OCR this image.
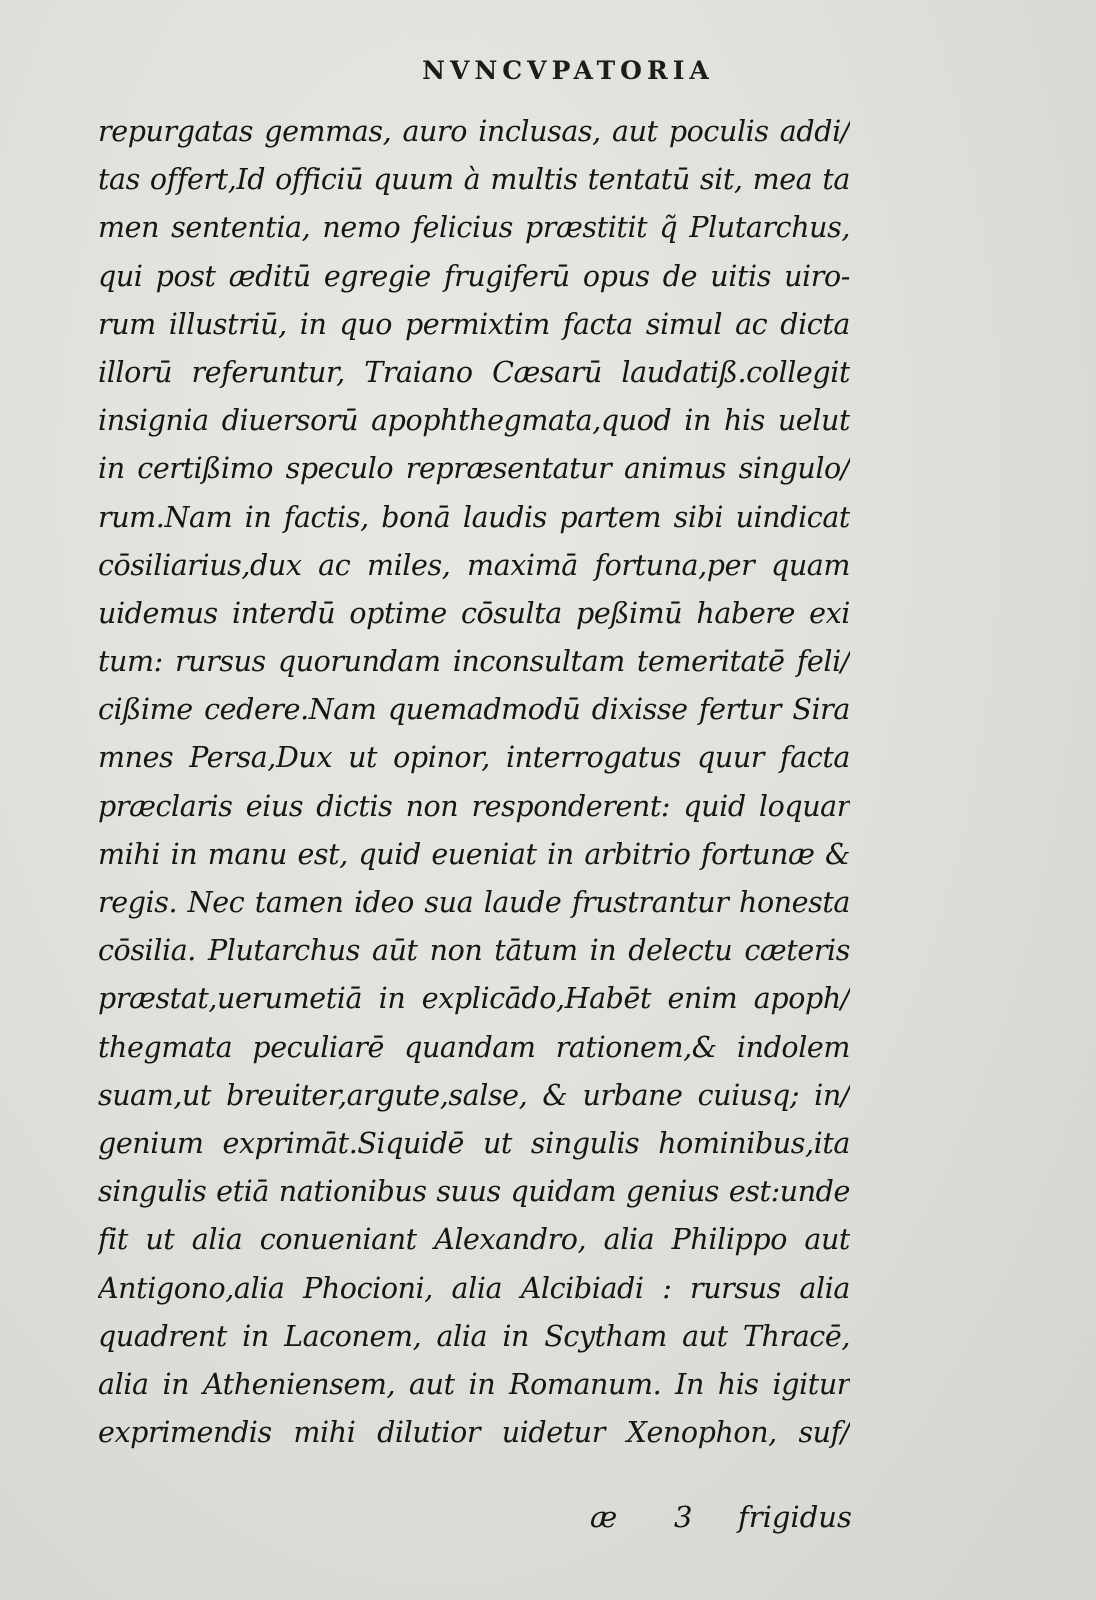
NVNCVPATORIA
repurgatas gemmas, auro inclusas, aut poculis addi/
tas offert,Id officiū quum à multis tentatū sit, mea ta
men sententia, nemo felicius præstitit q̃ Plutarchus,
qui post æditū egregie frugiferū opus de uitis uiro-
rum illustriū, in quo permixtim facta simul ac dicta
illorū referuntur, Traiano Cæsarū laudatiß.collegit
insignia diuersorū apophthegmata,quod in his uelut
in certißimo speculo repræsentatur animus singulo/
rum.Nam in factis, bonā laudis partem sibi uindicat
cōsiliarius,dux ac miles, maximā fortuna,per quam
uidemus interdū optime cōsulta peßimū habere exi
tum: rursus quorundam inconsultam temeritatē feli/
cißime cedere.Nam quemadmodū dixisse fertur Sira
mnes Persa,Dux ut opinor, interrogatus quur facta
præclaris eius dictis non responderent: quid loquar
mihi in manu est, quid eueniat in arbitrio fortunæ &
regis. Nec tamen ideo sua laude frustrantur honesta
cōsilia. Plutarchus aūt non tātum in delectu cæteris
præstat,uerumetiā in explicādo,Habēt enim apoph/
thegmata peculiarē quandam rationem,& indolem
suam,ut breuiter,argute,salse, & urbane cuiusq; in/
genium exprimāt.Siquidē ut singulis hominibus,ita
singulis etiā nationibus suus quidam genius est:unde
fit ut alia conueniant Alexandro, alia Philippo aut
Antigono,alia Phocioni, alia Alcibiadi : rursus alia
quadrent in Laconem, alia in Scytham aut Thracē,
alia in Atheniensem, aut in Romanum. In his igitur
exprimendis mihi dilutior uidetur Xenophon, suf/
æ 3 frigidus
